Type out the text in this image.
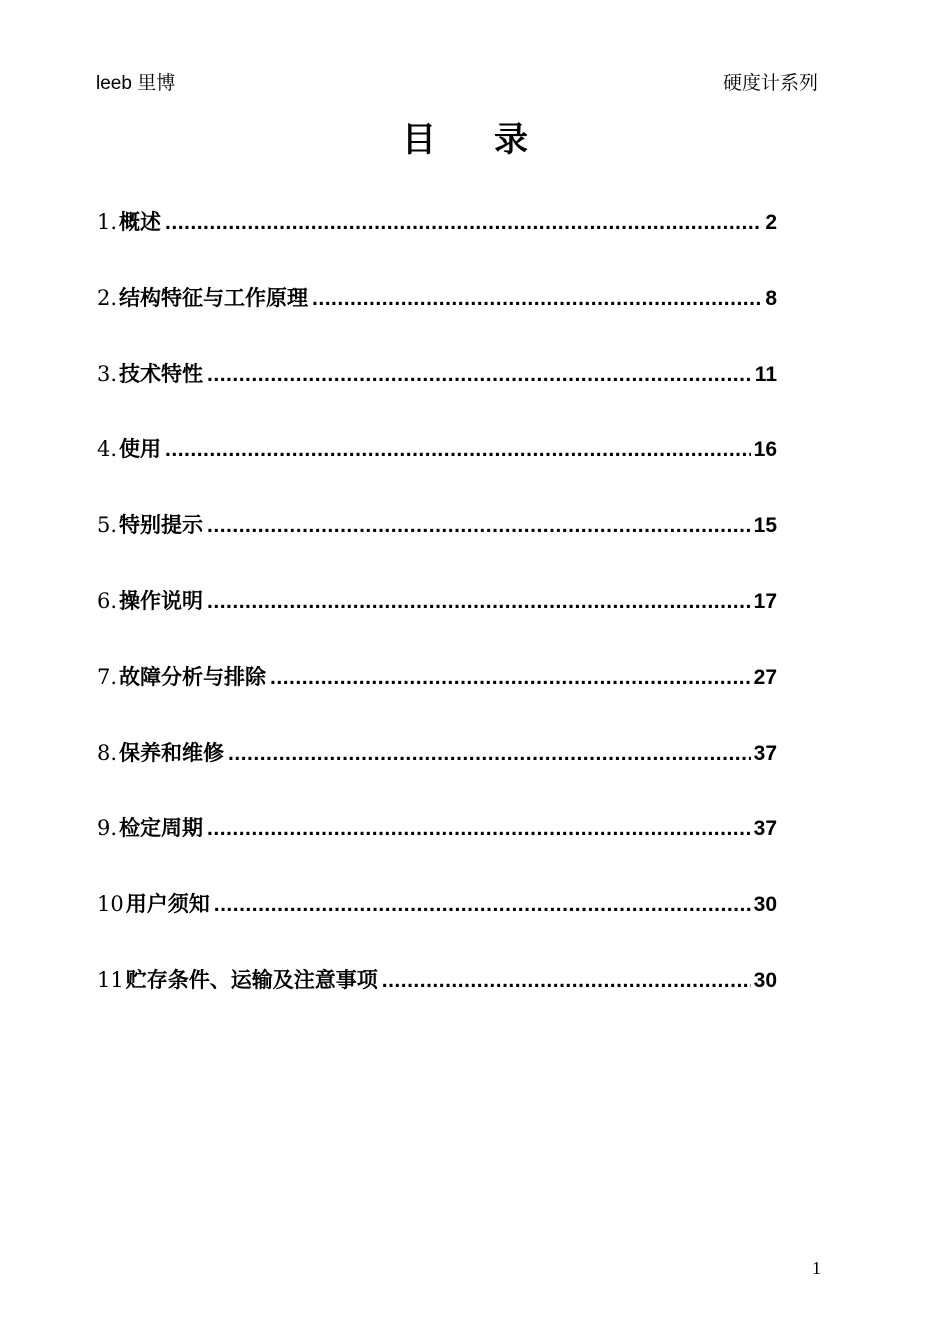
leeb 里博	硬度计系列
目录
1. 概述 .....	2
2. 结构特征与工作原理 .....	8
3. 技术特性 .....	11
4. 使用 .....	16
5. 特别提示 .....	15
6. 操作说明 .....	17
7. 故障分析与排除 .....	27
8. 保养和维修 .....	37
9. 检定周期 .....	37
10 用户须知 .....	30
11 贮存条件、运输及注意事项 .....	30
1
